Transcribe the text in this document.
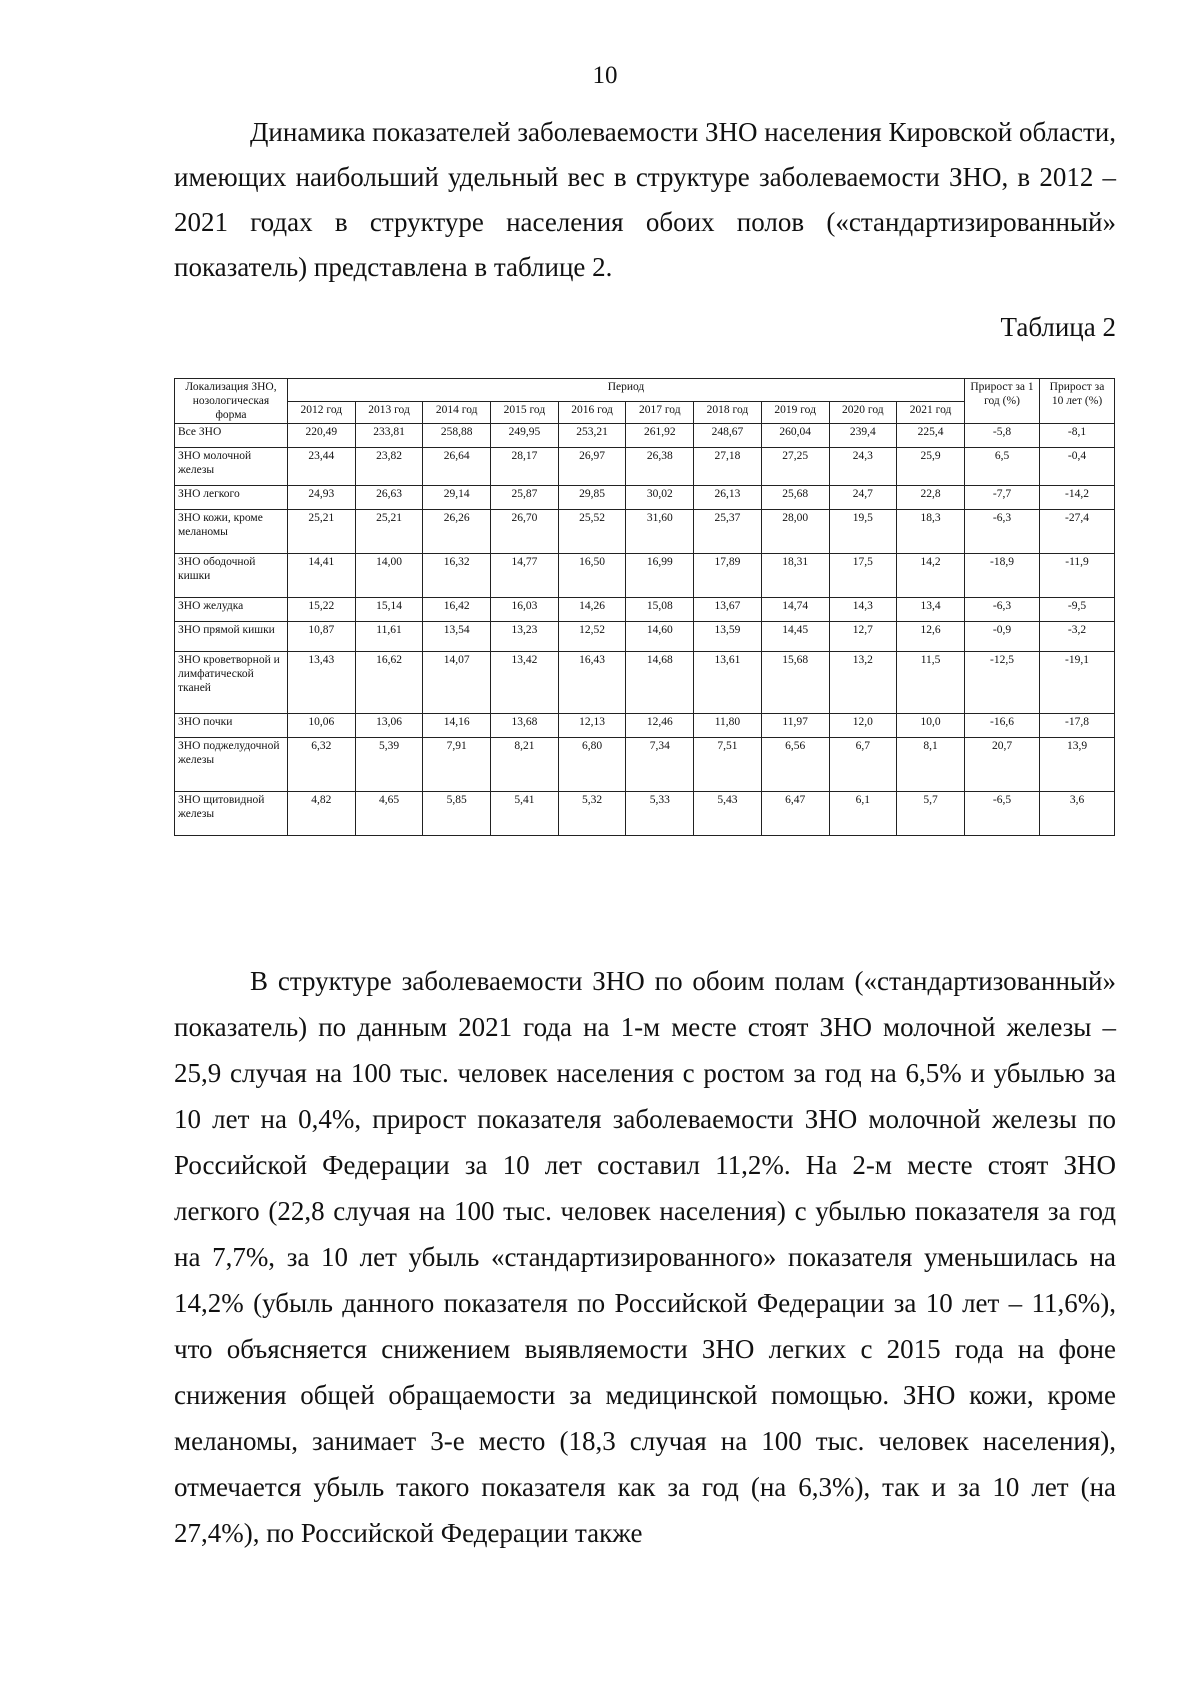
10

Динамика показателей заболеваемости ЗНО населения Кировской области, имеющих наибольший удельный вес в структуре заболеваемости ЗНО, в 2012 – 2021 годах в структуре населения обоих полов («стандартизированный» показатель) представлена в таблице 2.

Таблица 2
Локализация ЗНО, нозологическая форма	Период										Прирост за 1 год (%)	Прирост за 10 лет (%)
	2012 год	2013 год	2014 год	2015 год	2016 год	2017 год	2018 год	2019 год	2020 год	2021 год		
Все ЗНО	220,49	233,81	258,88	249,95	253,21	261,92	248,67	260,04	239,4	225,4	-5,8	-8,1
ЗНО молочной железы	23,44	23,82	26,64	28,17	26,97	26,38	27,18	27,25	24,3	25,9	6,5	-0,4
ЗНО легкого	24,93	26,63	29,14	25,87	29,85	30,02	26,13	25,68	24,7	22,8	-7,7	-14,2
ЗНО кожи, кроме меланомы	25,21	25,21	26,26	26,70	25,52	31,60	25,37	28,00	19,5	18,3	-6,3	-27,4
ЗНО ободочной кишки	14,41	14,00	16,32	14,77	16,50	16,99	17,89	18,31	17,5	14,2	-18,9	-11,9
ЗНО желудка	15,22	15,14	16,42	16,03	14,26	15,08	13,67	14,74	14,3	13,4	-6,3	-9,5
ЗНО прямой кишки	10,87	11,61	13,54	13,23	12,52	14,60	13,59	14,45	12,7	12,6	-0,9	-3,2
ЗНО кроветворной и лимфатической тканей	13,43	16,62	14,07	13,42	16,43	14,68	13,61	15,68	13,2	11,5	-12,5	-19,1
ЗНО почки	10,06	13,06	14,16	13,68	12,13	12,46	11,80	11,97	12,0	10,0	-16,6	-17,8
ЗНО поджелудочной железы	6,32	5,39	7,91	8,21	6,80	7,34	7,51	6,56	6,7	8,1	20,7	13,9
ЗНО щитовидной железы	4,82	4,65	5,85	5,41	5,32	5,33	5,43	6,47	6,1	5,7	-6,5	3,6

В структуре заболеваемости ЗНО по обоим полам («стандартизованный» показатель) по данным 2021 года на 1-м месте стоят ЗНО молочной железы – 25,9 случая на 100 тыс. человек населения с ростом за год на 6,5% и убылью за 10 лет на 0,4%, прирост показателя заболеваемости ЗНО молочной железы по Российской Федерации за 10 лет составил 11,2%. На 2-м месте стоят ЗНО легкого (22,8 случая на 100 тыс. человек населения) с убылью показателя за год на 7,7%, за 10 лет убыль «стандартизированного» показателя уменьшилась на 14,2% (убыль данного показателя по Российской Федерации за 10 лет – 11,6%), что объясняется снижением выявляемости ЗНО легких с 2015 года на фоне снижения общей обращаемости за медицинской помощью. ЗНО кожи, кроме меланомы, занимает 3-е место (18,3 случая на 100 тыс. человек населения), отмечается убыль такого показателя как за год (на 6,3%), так и за 10 лет (на 27,4%), по Российской Федерации также
